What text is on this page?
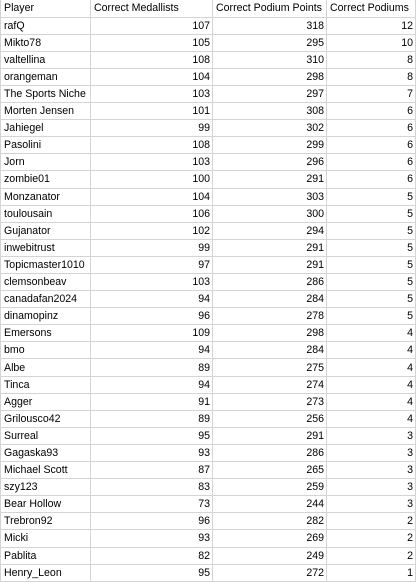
Player	Correct Medallists	Correct Podium Points	Correct Podiums
rafQ	107	318	12
Mikto78	105	295	10
valtellina	108	310	8
orangeman	104	298	8
The Sports Niche	103	297	7
Morten Jensen	101	308	6
Jahiegel	99	302	6
Pasolini	108	299	6
Jorn	103	296	6
zombie01	100	291	6
Monzanator	104	303	5
toulousain	106	300	5
Gujanator	102	294	5
inwebitrust	99	291	5
Topicmaster1010	97	291	5
clemsonbeav	103	286	5
canadafan2024	94	284	5
dinamopinz	96	278	5
Emersons	109	298	4
bmo	94	284	4
Albe	89	275	4
Tinca	94	274	4
Agger	91	273	4
Grilousco42	89	256	4
Surreal	95	291	3
Gagaska93	93	286	3
Michael Scott	87	265	3
szy123	83	259	3
Bear Hollow	73	244	3
Trebron92	96	282	2
Micki	93	269	2
Pablita	82	249	2
Henry_Leon	95	272	1
